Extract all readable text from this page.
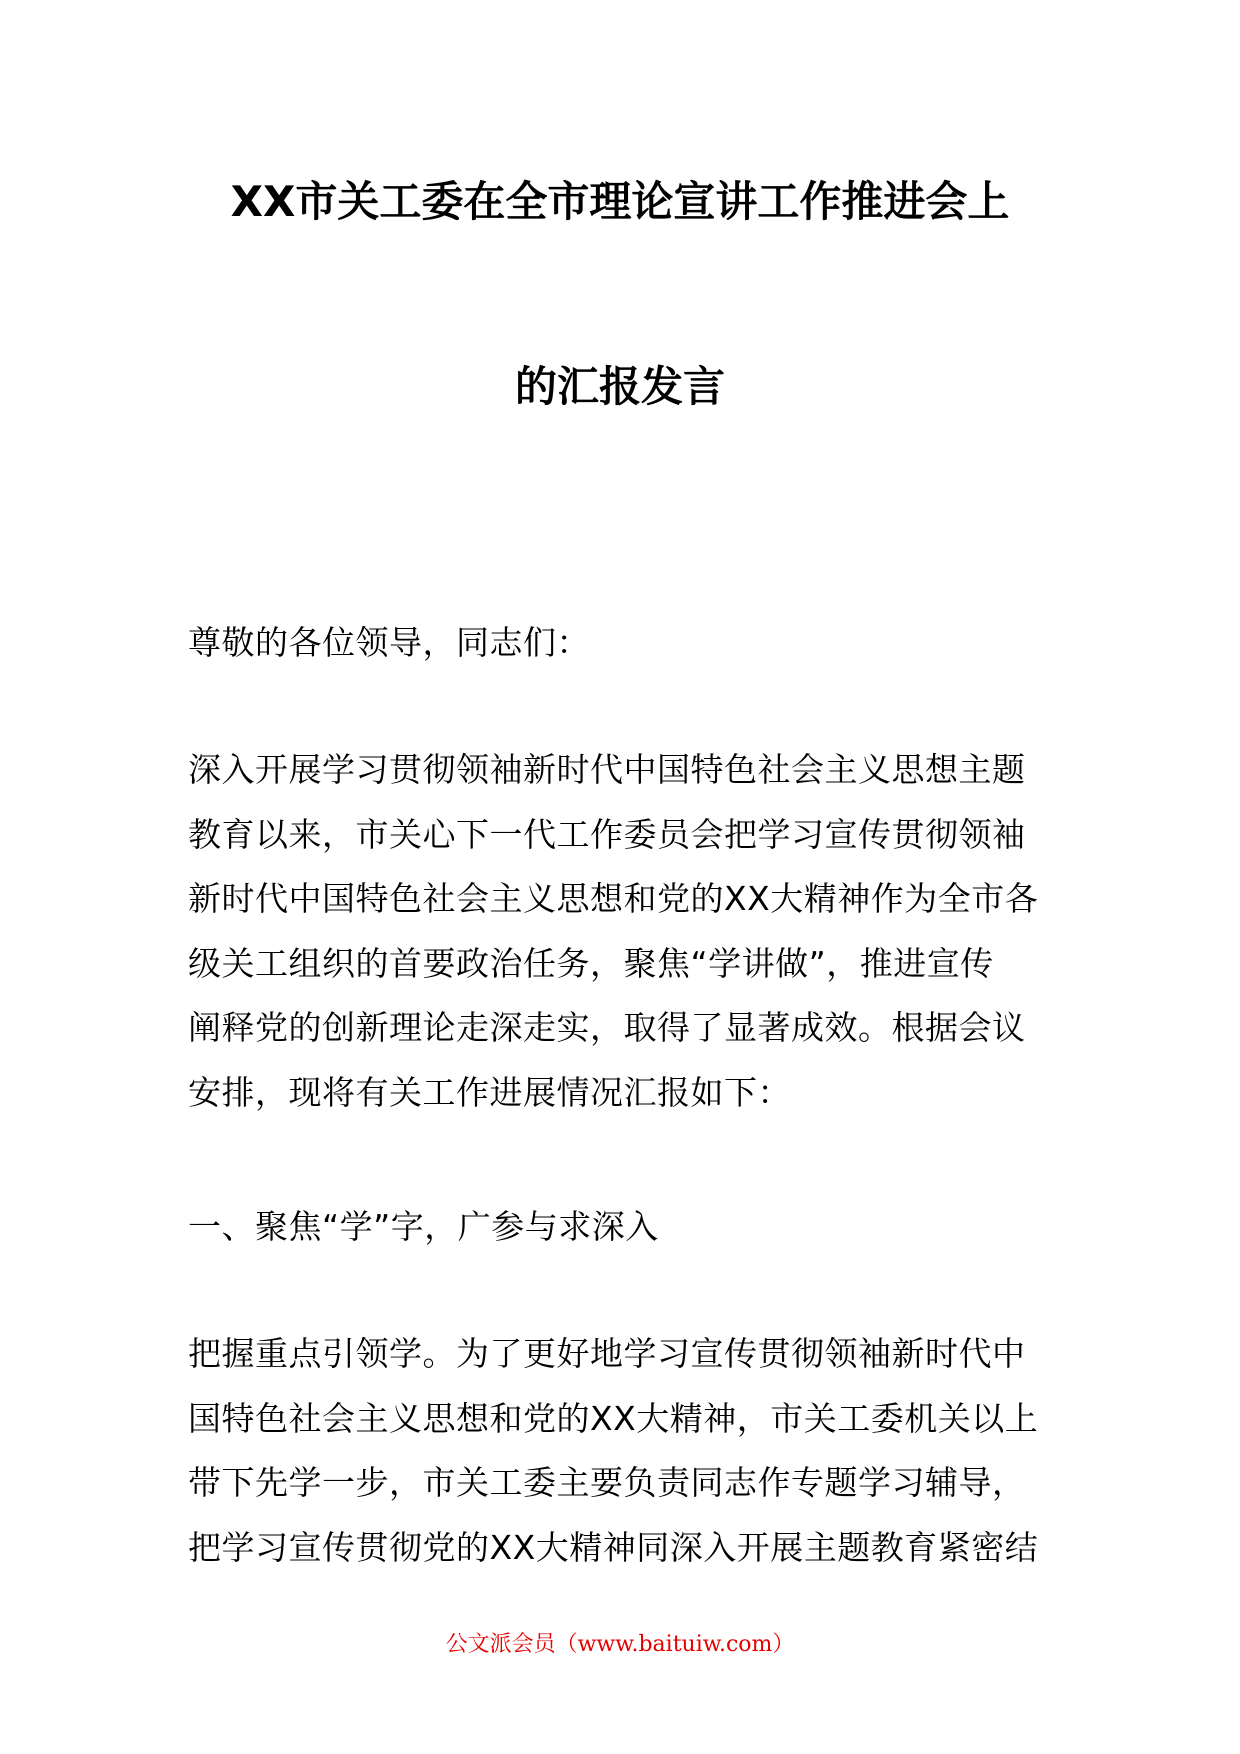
XX市关工委在全市理论宣讲工作推进会上
的汇报发言
尊敬的各位领导，同志们：
深入开展学习贯彻领袖新时代中国特色社会主义思想主题
教育以来，市关心下一代工作委员会把学习宣传贯彻领袖
新时代中国特色社会主义思想和党的XX大精神作为全市各
级关工组织的首要政治任务，聚焦“学讲做”，推进宣传
阐释党的创新理论走深走实，取得了显著成效。根据会议
安排，现将有关工作进展情况汇报如下：
一、聚焦“学”字，广参与求深入
把握重点引领学。为了更好地学习宣传贯彻领袖新时代中
国特色社会主义思想和党的XX大精神，市关工委机关以上
带下先学一步，市关工委主要负责同志作专题学习辅导，
把学习宣传贯彻党的XX大精神同深入开展主题教育紧密结
公文派会员（www.baituiw.com）
